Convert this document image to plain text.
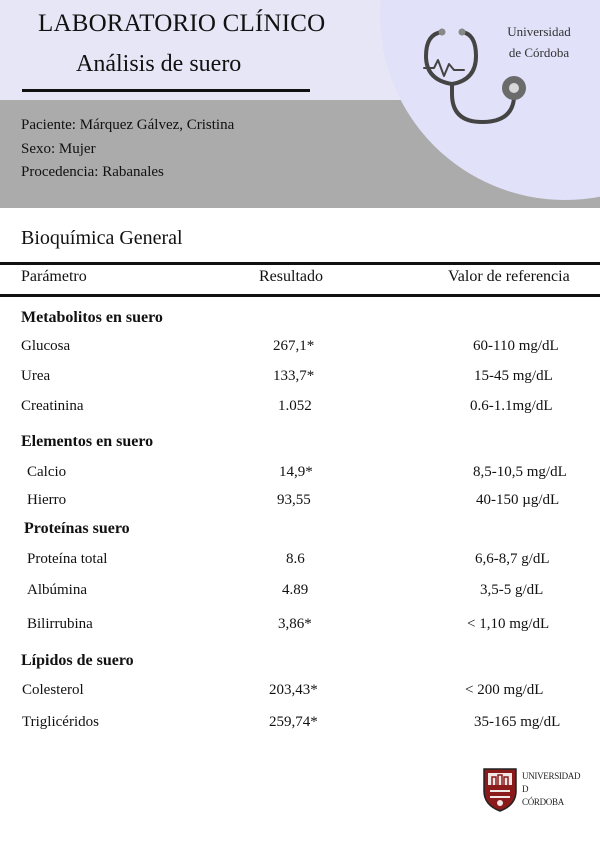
LABORATORIO CLÍNICO
Análisis de suero
Universidad
de Córdoba
Paciente: Márquez Gálvez, Cristina
Sexo: Mujer
Procedencia: Rabanales
Bioquímica General
Parámetro	Resultado	Valor de referencia
Metabolitos en suero
Glucosa	267,1*	60-110 mg/dL
Urea	133,7*	15-45 mg/dL
Creatinina	1.052	0.6-1.1mg/dL
Elementos en suero
Calcio	14,9*	8,5-10,5 mg/dL
Hierro	93,55	40-150 µg/dL
Proteínas suero
Proteína total	8.6	6,6-8,7 g/dL
Albúmina	4.89	3,5-5 g/dL
Bilirrubina	3,86*	< 1,10 mg/dL
Lípidos de suero
Colesterol	203,43*	< 200 mg/dL
Triglicéridos	259,74*	35-165 mg/dL
UNIVERSIDAD
D
CÓRDOBA
